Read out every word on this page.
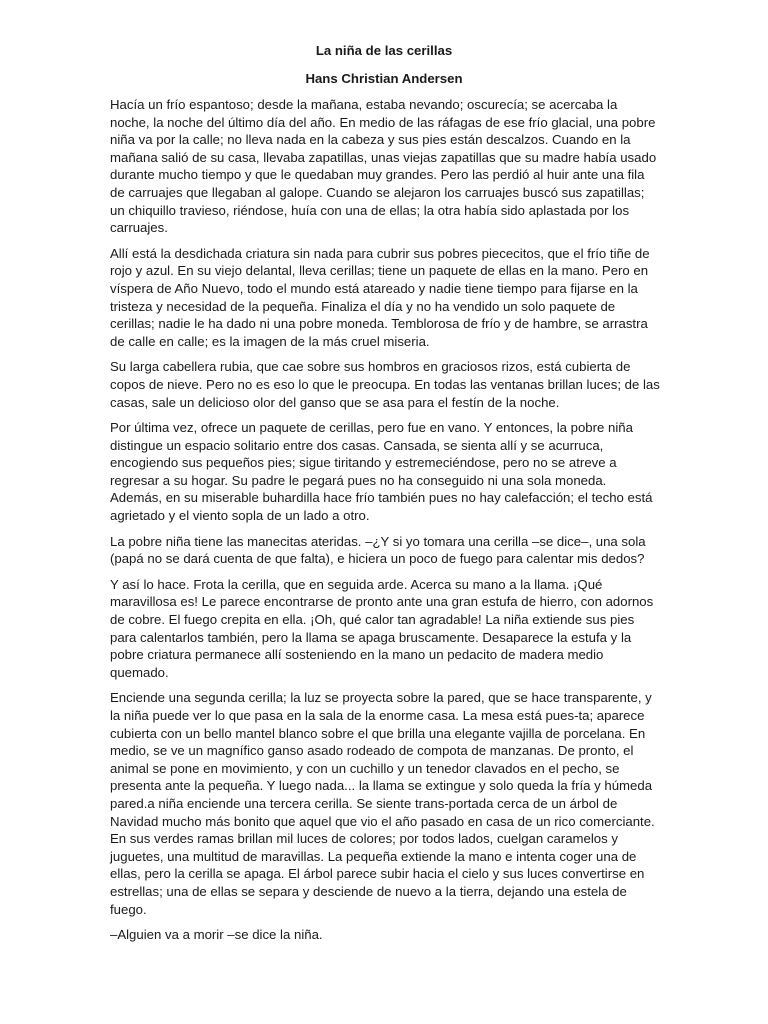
La niña de las cerillas
Hans Christian Andersen

Hacía un frío espantoso; desde la mañana, estaba nevando; oscurecía; se acercaba la noche, la noche del último día del año. En medio de las ráfagas de ese frío glacial, una pobre niña va por la calle; no lleva nada en la cabeza y sus pies están descalzos. Cuando en la mañana salió de su casa, llevaba zapatillas, unas viejas zapatillas que su madre había usado durante mucho tiempo y que le quedaban muy grandes. Pero las perdió al huir ante una fila de carruajes que llegaban al galope. Cuando se alejaron los carruajes buscó sus zapatillas; un chiquillo travieso, riéndose, huía con una de ellas; la otra había sido aplastada por los carruajes.

Allí está la desdichada criatura sin nada para cubrir sus pobres piececitos, que el frío tiñe de rojo y azul. En su viejo delantal, lleva cerillas; tiene un paquete de ellas en la mano. Pero en víspera de Año Nuevo, todo el mundo está atareado y nadie tiene tiempo para fijarse en la tristeza y necesidad de la pequeña. Finaliza el día y no ha vendido un solo paquete de cerillas; nadie le ha dado ni una pobre moneda. Temblorosa de frío y de hambre, se arrastra de calle en calle; es la imagen de la más cruel miseria.

Su larga cabellera rubia, que cae sobre sus hombros en graciosos rizos, está cubierta de copos de nieve. Pero no es eso lo que le preocupa. En todas las ventanas brillan luces; de las casas, sale un delicioso olor del ganso que se asa para el festín de la noche.

Por última vez, ofrece un paquete de cerillas, pero fue en vano. Y entonces, la pobre niña distingue un espacio solitario entre dos casas. Cansada, se sienta allí y se acurruca, encogiendo sus pequeños pies; sigue tiritando y estremeciéndose, pero no se atreve a regresar a su hogar. Su padre le pegará pues no ha conseguido ni una sola moneda. Además, en su miserable buhardilla hace frío también pues no hay calefacción; el techo está agrietado y el viento sopla de un lado a otro.

La pobre niña tiene las manecitas ateridas. –¿Y si yo tomara una cerilla –se dice–, una sola (papá no se dará cuenta de que falta), e hiciera un poco de fuego para calentar mis dedos?

Y así lo hace. Frota la cerilla, que en seguida arde. Acerca su mano a la llama. ¡Qué maravillosa es! Le parece encontrarse de pronto ante una gran estufa de hierro, con adornos de cobre. El fuego crepita en ella. ¡Oh, qué calor tan agradable! La niña extiende sus pies para calentarlos también, pero la llama se apaga bruscamente. Desaparece la estufa y la pobre criatura permanece allí sosteniendo en la mano un pedacito de madera medio quemado.

Enciende una segunda cerilla; la luz se proyecta sobre la pared, que se hace transparente, y la niña puede ver lo que pasa en la sala de la enorme casa. La mesa está pues-ta; aparece cubierta con un bello mantel blanco sobre el que brilla una elegante vajilla de porcelana. En medio, se ve un magnífico ganso asado rodeado de compota de manzanas. De pronto, el animal se pone en movimiento, y con un cuchillo y un tenedor clavados en el pecho, se presenta ante la pequeña. Y luego nada... la llama se extingue y solo queda la fría y húmeda pared.a niña enciende una tercera cerilla. Se siente trans-portada cerca de un árbol de Navidad mucho más bonito que aquel que vio el año pasado en casa de un rico comerciante. En sus verdes ramas brillan mil luces de colores; por todos lados, cuelgan caramelos y juguetes, una multitud de maravillas. La pequeña extiende la mano e intenta coger una de ellas, pero la cerilla se apaga. El árbol parece subir hacia el cielo y sus luces convertirse en estrellas; una de ellas se separa y desciende de nuevo a la tierra, dejando una estela de fuego.

–Alguien va a morir –se dice la niña.
